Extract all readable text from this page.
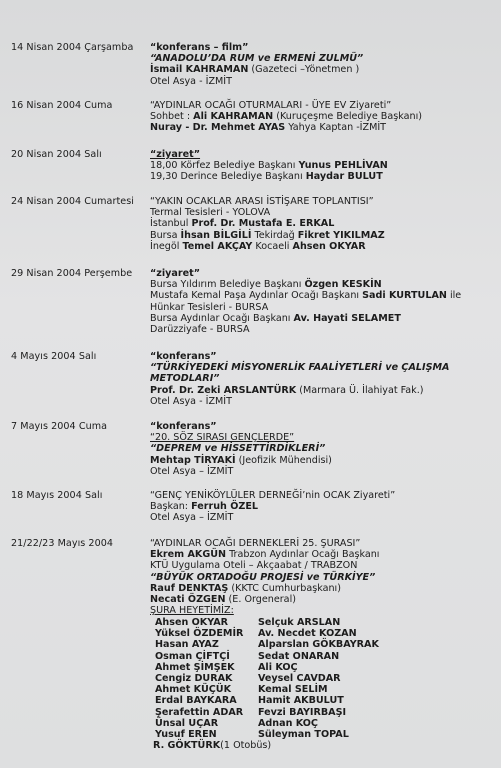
14 Nisan 2004 Çarşamba “konferans – film”
“ANADOLU’DA RUM ve ERMENİ ZULMÜ”
İsmail KAHRAMAN (Gazeteci –Yönetmen )
Otel Asya - İZMİT
16 Nisan 2004 Cuma	“AYDINLAR OCAĞI OTURMALARI - ÜYE EV Ziyareti”
Sohbet : Ali KAHRAMAN (Kuruçeşme Belediye Başkanı)
Nuray - Dr. Mehmet AYAS Yahya Kaptan -İZMİT
20 Nisan 2004 Salı	“ziyaret”
18,00 Körfez Belediye Başkanı Yunus PEHLİVAN
19,30 Derince Belediye Başkanı Haydar BULUT
24 Nisan 2004 Cumartesi “YAKIN OCAKLAR ARASI İSTİŞARE TOPLANTISI”
Termal Tesisleri - YOLOVA
İstanbul Prof. Dr. Mustafa E. ERKAL
Bursa İhsan BİLGİLİ Tekirdağ Fikret YIKILMAZ
İnegöl Temel AKÇAY Kocaeli Ahsen OKYAR
29 Nisan 2004 Perşembe “ziyaret”
Bursa Yıldırım Belediye Başkanı Özgen KESKİN
Mustafa Kemal Paşa Aydınlar Ocağı Başkanı Sadi KURTULAN ile
Hünkar Tesisleri - BURSA
Bursa Aydınlar Ocağı Başkanı Av. Hayati SELAMET
Darüzziyafe - BURSA
4 Mayıs 2004 Salı	“konferans”
“TÜRKİYEDEKİ MİSYONERLİK FAALİYETLERİ ve ÇALIŞMA
METODLARI”
Prof. Dr. Zeki ARSLANTÜRK (Marmara Ü. İlahiyat Fak.)
Otel Asya - İZMİT
7 Mayıs 2004 Cuma	“konferans”
“20. SÖZ SIRASI GENÇLERDE”
“DEPREM ve HİSSETTİRDİKLERİ”
Mehtap TİRYAKİ (Jeofizik Mühendisi)
Otel Asya – İZMİT
18 Mayıs 2004 Salı	“GENÇ YENİKÖYLÜLER DERNEĞİ’nin OCAK Ziyareti”
Başkan: Ferruh ÖZEL
Otel Asya – İZMİT
21/22/23 Mayıs 2004	“AYDINLAR OCAĞI DERNEKLERİ 25. ŞURASI”
Ekrem AKGÜN Trabzon Aydınlar Ocağı Başkanı
KTÜ Uygulama Oteli – Akçaabat / TRABZON
“BÜYÜK ORTADOĞU PROJESİ ve TÜRKİYE”
Rauf DENKTAŞ (KKTC Cumhurbaşkanı)
Necati ÖZGEN (E. Orgeneral)
ŞURA HEYETİMİZ:
Ahsen OKYAR	Selçuk ARSLAN
Yüksel ÖZDEMİR	Av. Necdet KOZAN
Hasan AYAZ	Alparslan GÖKBAYRAK
Osman ÇİFTÇİ	Sedat ONARAN
Ahmet ŞİMŞEK	Ali KOÇ
Cengiz DURAK	Veysel CAVDAR
Ahmet KÜÇÜK	Kemal SELİM
Erdal BAYKARA	Hamit AKBULUT
Şerafettin ADAR	Fevzi BAYIRBAŞI
Ünsal UÇAR	Adnan KOÇ
Yusuf EREN	Süleyman TOPAL
R. GÖKTÜRK(1 Otobüs)
